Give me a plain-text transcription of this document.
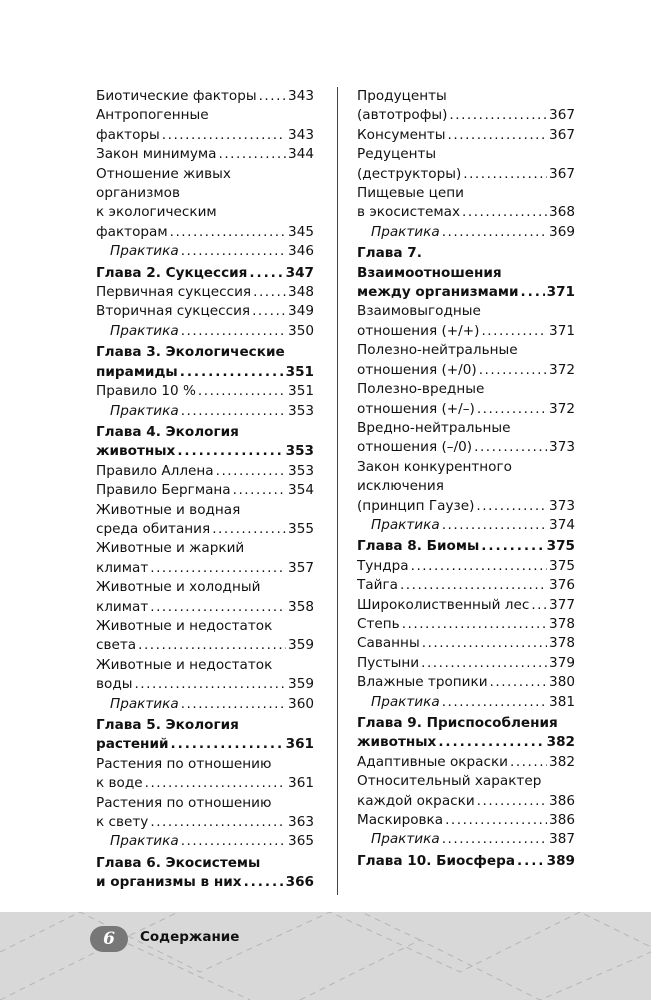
Биотические факторы . . . 343
Антропогенные
факторы . . .	343
Закон минимума . . .	344
Отношение живых
организмов
к экологическим
факторам . . .	345
Практика . . .	346
Глава 2. Сукцессия . . .	347
Первичная сукцессия . . .	348
Вторичная сукцессия . . .	349
Практика . . .	350
Глава 3. Экологические
пирамиды . . .	351
Правило 10 % . . .	351
Практика . . .	353
Глава 4. Экология
животных . . .	353
Правило Аллена . . .	353
Правило Бергмана . . .	354
Животные и водная
среда обитания . . .	355
Животные и жаркий
климат . . .	357
Животные и холодный
климат . . .	358
Животные и недостаток
света . . .	359
Животные и недостаток
воды . . .	359
Практика . . .	360
Глава 5. Экология
растений . . .	361
Растения по отношению
к воде . . .	361
Растения по отношению
к свету . . .	363
Практика . . .	365
Глава 6. Экосистемы
и организмы в них . . .	366
Продуценты
(автотрофы) . . .	367
Консументы . . .	367
Редуценты
(деструкторы) . . .	367
Пищевые цепи
в экосистемах . . .	368
Практика . . .	369
Глава 7.
Взаимоотношения
между организмами . . . 371
Взаимовыгодные
отношения (+/+) . . .	371
Полезно-нейтральные
отношения (+/0) . . .	372
Полезно-вредные
отношения (+/–) . . .	372
Вредно-нейтральные
отношения (–/0) . . .	373
Закон конкурентного
исключения
(принцип Гаузе) . . .	373
Практика . . .	374
Глава 8. Биомы . . .	375
Тундра . . .	375
Тайга . . .	376
Широколиственный лес . . . 377
Степь . . .	378
Саванны . . .	378
Пустыни . . .	379
Влажные тропики . . .	380
Практика . . .	381
Глава 9. Приспособления
животных . . .	382
Адаптивные окраски . . .	382
Относительный характер
каждой окраски . . .	386
Маскировка . . .	386
Практика . . .	387
Глава 10. Биосфера . . . 389
6	Содержание
